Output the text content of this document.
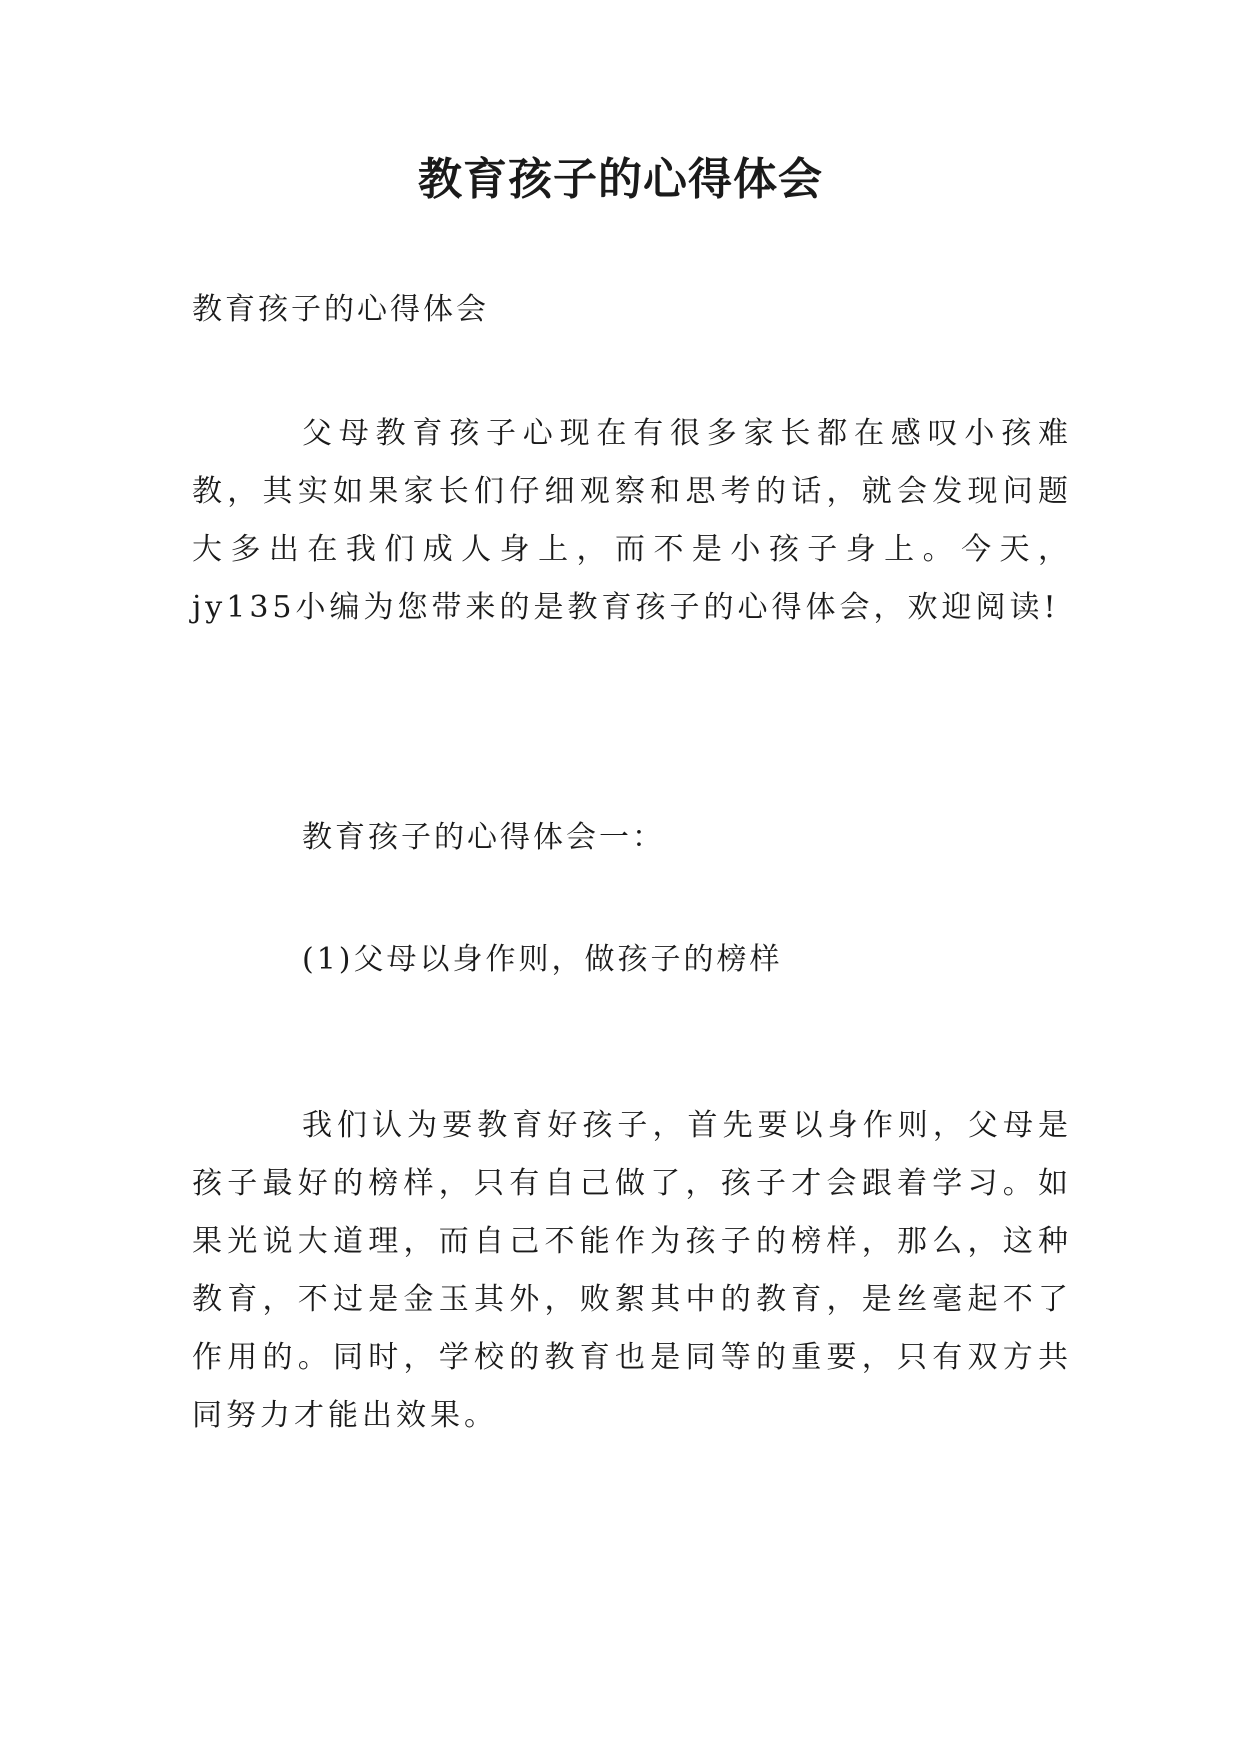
教育孩子的心得体会

教育孩子的心得体会

父母教育孩子心现在有很多家长都在感叹小孩难教，其实如果家长们仔细观察和思考的话，就会发现问题大多出在我们成人身上，而不是小孩子身上。今天，jy135小编为您带来的是教育孩子的心得体会，欢迎阅读!

教育孩子的心得体会一：

(1)父母以身作则，做孩子的榜样

我们认为要教育好孩子，首先要以身作则，父母是孩子最好的榜样，只有自己做了，孩子才会跟着学习。如果光说大道理，而自己不能作为孩子的榜样，那么，这种教育，不过是金玉其外，败絮其中的教育，是丝毫起不了作用的。同时，学校的教育也是同等的重要，只有双方共同努力才能出效果。
